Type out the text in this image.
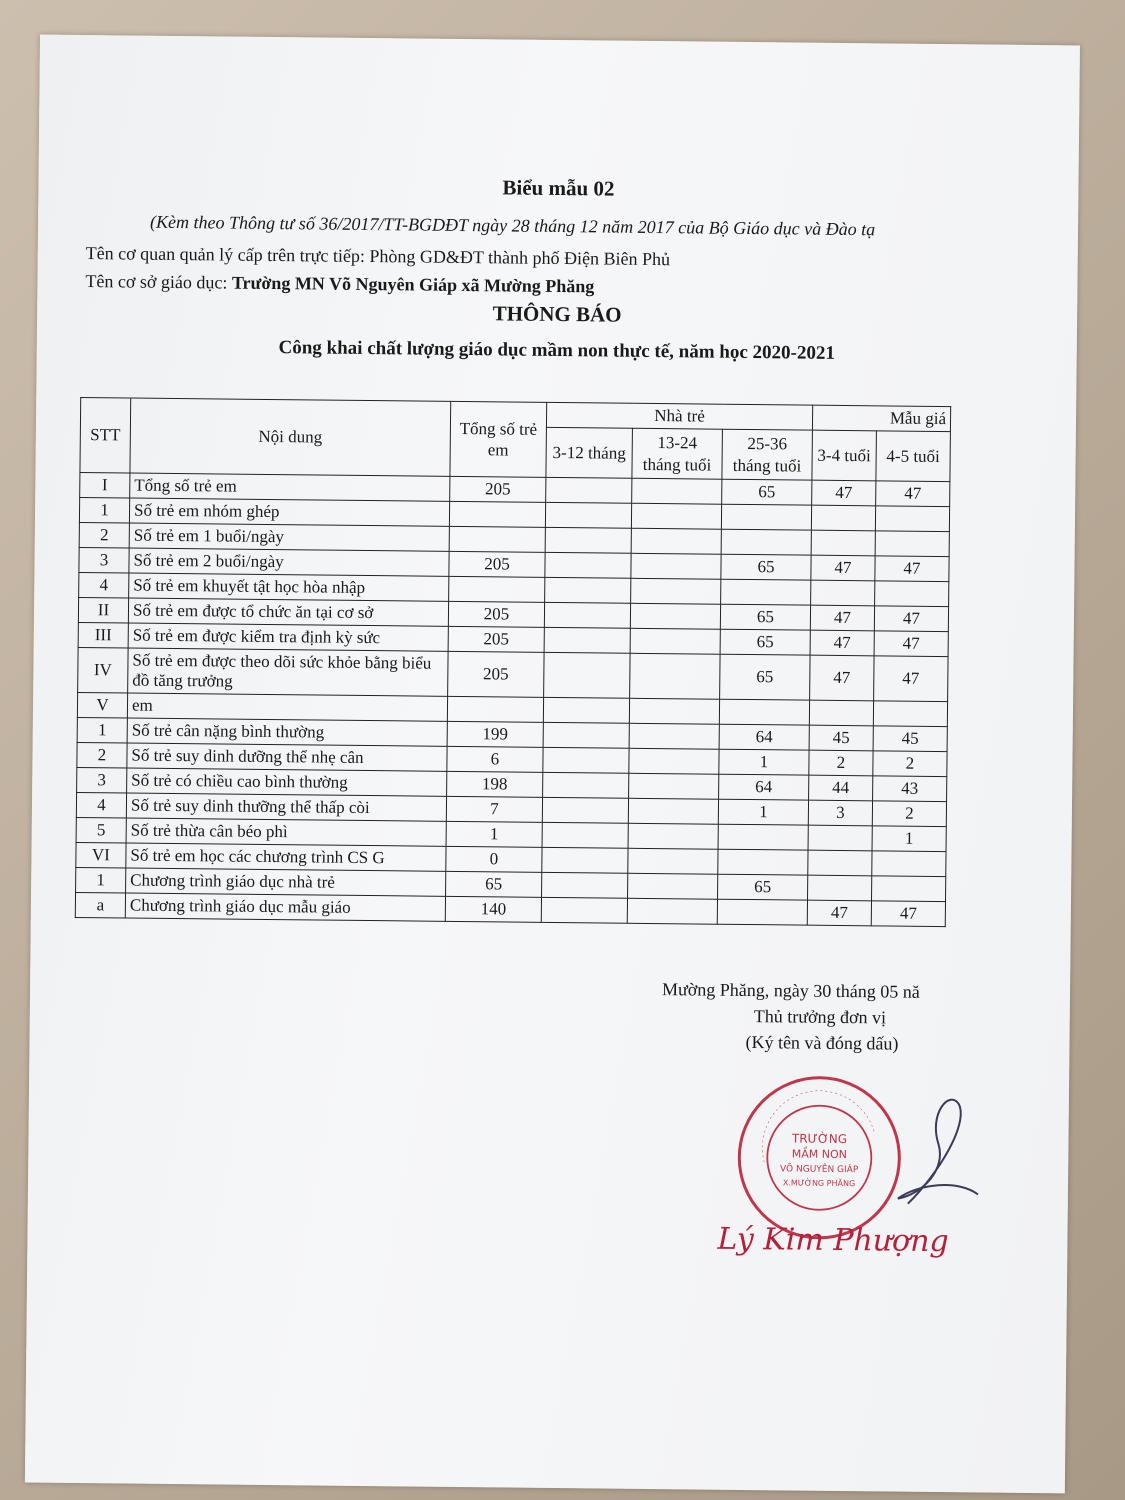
Biểu mẫu 02
(Kèm theo Thông tư số 36/2017/TT-BGDĐT ngày 28 tháng 12 năm 2017 của Bộ Giáo dục và Đào tạ
Tên cơ quan quản lý cấp trên trực tiếp: Phòng GD&ĐT thành phố Điện Biên Phủ
Tên cơ sở giáo dục: Trường MN Võ Nguyên Giáp xã Mường Phăng
THÔNG BÁO
Công khai chất lượng giáo dục mầm non thực tế, năm học 2020-2021
STT	Nội dung	Tổng số trẻ em	Nhà trẻ			Mẫu giá	
			3-12 tháng	13-24 tháng tuổi	25-36 tháng tuổi	3-4 tuổi	4-5 tuổi
I	Tổng số trẻ em	205			65	47	47
1	Số trẻ em nhóm ghép						
2	Số trẻ em 1 buổi/ngày						
3	Số trẻ em 2 buổi/ngày	205			65	47	47
4	Số trẻ em khuyết tật học hòa nhập						
II	Số trẻ em được tổ chức ăn tại cơ sở	205			65	47	47
III	Số trẻ em được kiểm tra định kỳ sức	205			65	47	47
IV	Số trẻ em được theo dõi sức khỏe bằng biểu đồ tăng trưởng	205			65	47	47
V	em						
1	Số trẻ cân nặng bình thường	199			64	45	45
2	Số trẻ suy dinh dưỡng thể nhẹ cân	6			1	2	2
3	Số trẻ có chiều cao bình thường	198			64	44	43
4	Số trẻ suy dinh thưỡng thể thấp còi	7			1	3	2
5	Số trẻ thừa cân béo phì	1					1
VI	Số trẻ em học các chương trình CS G	0					
1	Chương trình giáo dục nhà trẻ	65			65		
a	Chương trình giáo dục mẫu giáo	140				47	47
Mường Phăng, ngày 30 tháng 05 nă
Thủ trưởng đơn vị
(Ký tên và đóng dấu)
TRƯỜNG
MẦM NON
VÕ NGUYÊN GIÁP
X.MƯỜNG PHĂNG
Lý Kim Phượng
